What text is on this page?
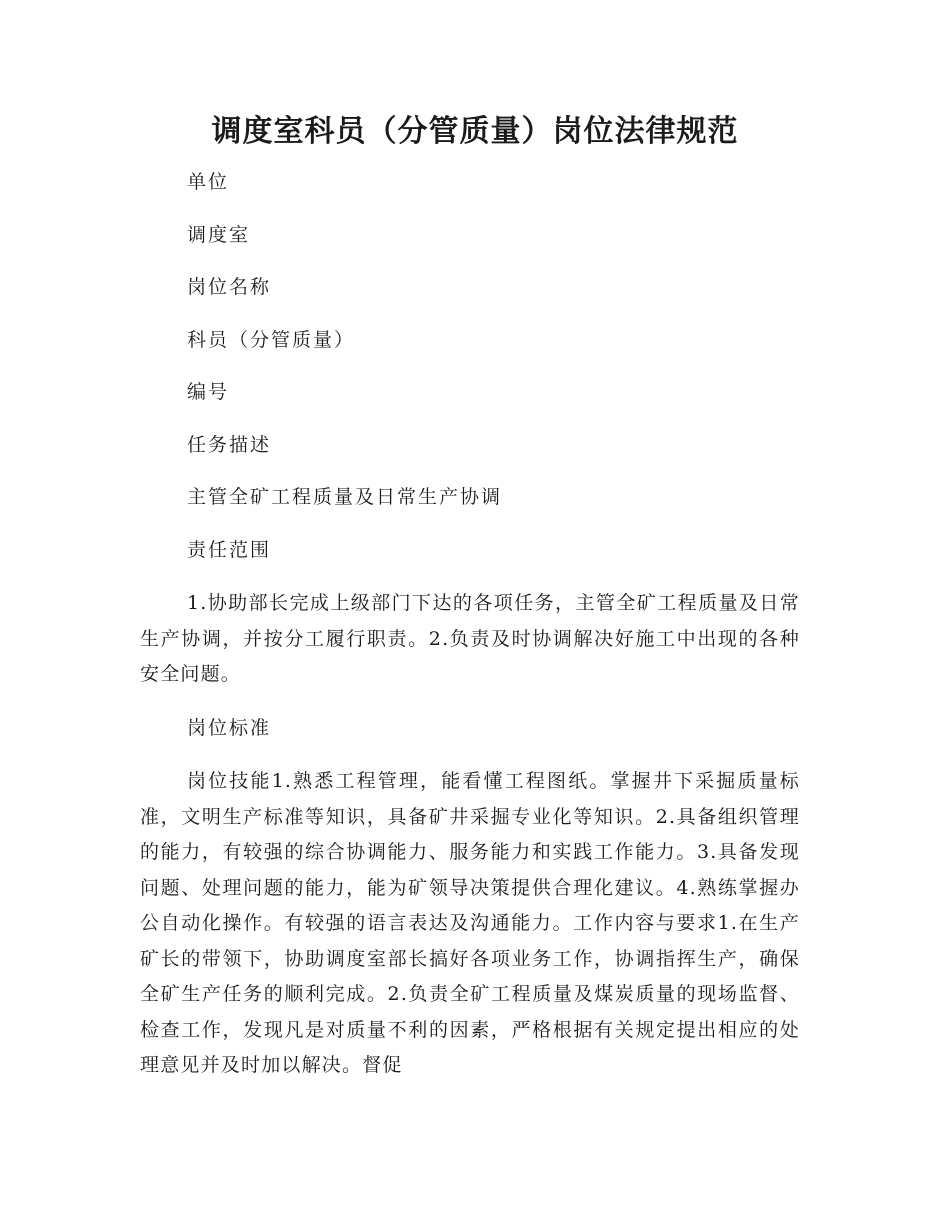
调度室科员（分管质量）岗位法律规范
单位
调度室
岗位名称
科员（分管质量）
编号
任务描述
主管全矿工程质量及日常生产协调
责任范围
1.协助部长完成上级部门下达的各项任务，主管全矿工程质量及日常生产协调，并按分工履行职责。2.负责及时协调解决好施工中出现的各种安全问题。
岗位标准
岗位技能1.熟悉工程管理，能看懂工程图纸。掌握井下采掘质量标准，文明生产标准等知识，具备矿井采掘专业化等知识。2.具备组织管理的能力，有较强的综合协调能力、服务能力和实践工作能力。3.具备发现问题、处理问题的能力，能为矿领导决策提供合理化建议。4.熟练掌握办公自动化操作。有较强的语言表达及沟通能力。工作内容与要求1.在生产矿长的带领下，协助调度室部长搞好各项业务工作，协调指挥生产，确保全矿生产任务的顺利完成。2.负责全矿工程质量及煤炭质量的现场监督、检查工作，发现凡是对质量不利的因素，严格根据有关规定提出相应的处理意见并及时加以解决。督促
